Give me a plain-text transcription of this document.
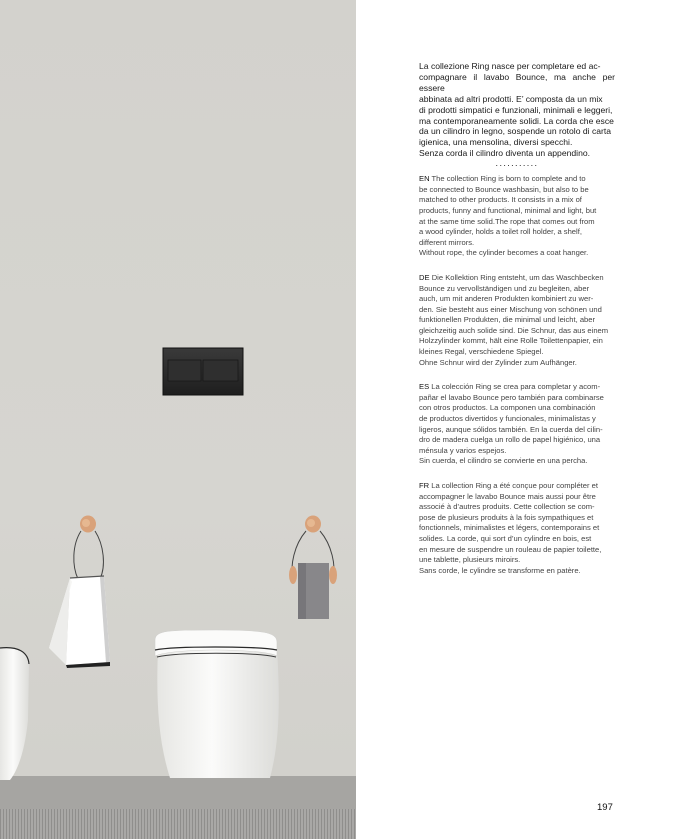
La collezione Ring nasce per completare ed ac-
compagnare il lavabo Bounce, ma anche per essere
abbinata ad altri prodotti. E’ composta da un mix
di prodotti simpatici e funzionali, minimali e leggeri,
ma contemporaneamente solidi. La corda che esce
da un cilindro in legno, sospende un rotolo di carta
igienica, una mensolina, diversi specchi.
Senza corda il cilindro diventa un appendino.

...........

EN The collection Ring is born to complete and to
be connected to Bounce washbasin, but also to be
matched to other products. It consists in a mix of
products, funny and functional, minimal and light, but
at the same time solid.The rope that comes out from
a wood cylinder, holds a toilet roll holder, a shelf,
different mirrors.
Without rope, the cylinder becomes a coat hanger.

DE Die Kollektion Ring entsteht, um das Waschbecken
Bounce zu vervollständigen und zu begleiten, aber
auch, um mit anderen Produkten kombiniert zu wer-
den. Sie besteht aus einer Mischung von schönen und
funktionellen Produkten, die minimal und leicht, aber
gleichzeitig auch solide sind. Die Schnur, das aus einem
Holzzylinder kommt, hält eine Rolle Toilettenpapier, ein
kleines Regal, verschiedene Spiegel.
Ohne Schnur wird der Zylinder zum Aufhänger.

ES La colección Ring se crea para completar y acom-
pañar el lavabo Bounce pero también para combinarse
con otros productos. La componen una combinación
de productos divertidos y funcionales, minimalistas y
ligeros, aunque sólidos también. En la cuerda del cilin-
dro de madera cuelga un rollo de papel higiénico, una
ménsula y varios espejos.
Sin cuerda, el cilindro se convierte en una percha.

FR La collection Ring a été conçue pour compléter et
accompagner le lavabo Bounce mais aussi pour être
associé à d’autres produits. Cette collection se com-
pose de plusieurs produits à la fois sympathiques et
fonctionnels, minimalistes et légers, contemporains et
solides. La corde, qui sort d’un cylindre en bois, est
en mesure de suspendre un rouleau de papier toilette,
une tablette, plusieurs miroirs.
Sans corde, le cylindre se transforme en patère.

197
